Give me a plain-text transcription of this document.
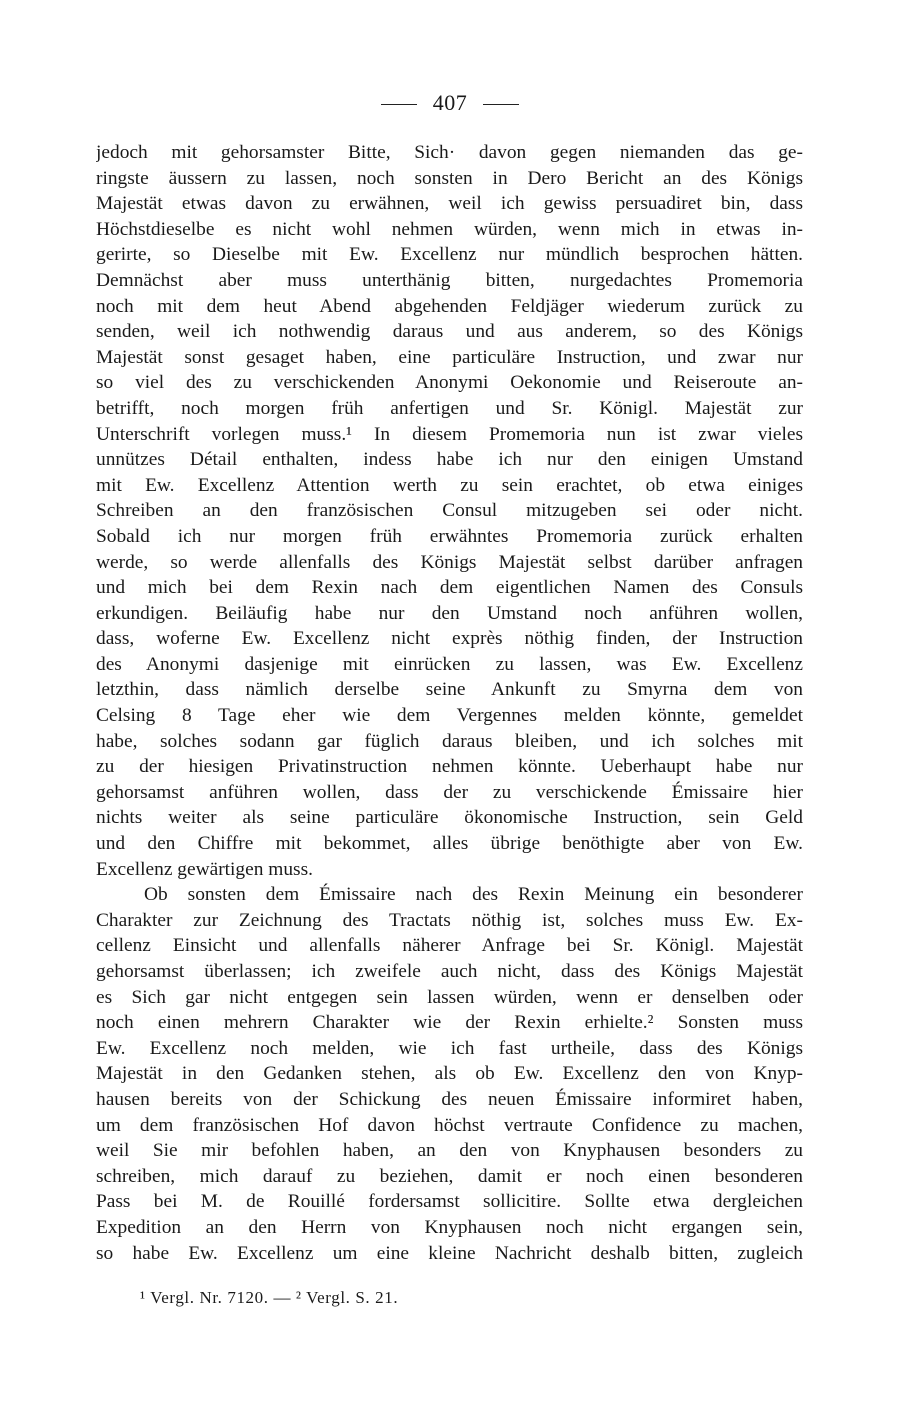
407
jedoch mit gehorsamster Bitte, Sich· davon gegen niemanden das ge-
ringste äussern zu lassen, noch sonsten in Dero Bericht an des Königs
Majestät etwas davon zu erwähnen, weil ich gewiss persuadiret bin, dass
Höchstdieselbe es nicht wohl nehmen würden, wenn mich in etwas in-
gerirte, so Dieselbe mit Ew. Excellenz nur mündlich besprochen hätten.
Demnächst aber muss unterthänig bitten, nurgedachtes Promemoria
noch mit dem heut Abend abgehenden Feldjäger wiederum zurück zu
senden, weil ich nothwendig daraus und aus anderem, so des Königs
Majestät sonst gesaget haben, eine particuläre Instruction, und zwar nur
so viel des zu verschickenden Anonymi Oekonomie und Reiseroute an-
betrifft, noch morgen früh anfertigen und Sr. Königl. Majestät zur
Unterschrift vorlegen muss.¹ In diesem Promemoria nun ist zwar vieles
unnützes Détail enthalten, indess habe ich nur den einigen Umstand
mit Ew. Excellenz Attention werth zu sein erachtet, ob etwa einiges
Schreiben an den französischen Consul mitzugeben sei oder nicht.
Sobald ich nur morgen früh erwähntes Promemoria zurück erhalten
werde, so werde allenfalls des Königs Majestät selbst darüber anfragen
und mich bei dem Rexin nach dem eigentlichen Namen des Consuls
erkundigen. Beiläufig habe nur den Umstand noch anführen wollen,
dass, woferne Ew. Excellenz nicht exprès nöthig finden, der Instruction
des Anonymi dasjenige mit einrücken zu lassen, was Ew. Excellenz
letzthin, dass nämlich derselbe seine Ankunft zu Smyrna dem von
Celsing 8 Tage eher wie dem Vergennes melden könnte, gemeldet
habe, solches sodann gar füglich daraus bleiben, und ich solches mit
zu der hiesigen Privatinstruction nehmen könnte. Ueberhaupt habe nur
gehorsamst anführen wollen, dass der zu verschickende Émissaire hier
nichts weiter als seine particuläre ökonomische Instruction, sein Geld
und den Chiffre mit bekommet, alles übrige benöthigte aber von Ew.
Excellenz gewärtigen muss.
Ob sonsten dem Émissaire nach des Rexin Meinung ein besonderer
Charakter zur Zeichnung des Tractats nöthig ist, solches muss Ew. Ex-
cellenz Einsicht und allenfalls näherer Anfrage bei Sr. Königl. Majestät
gehorsamst überlassen; ich zweifele auch nicht, dass des Königs Majestät
es Sich gar nicht entgegen sein lassen würden, wenn er denselben oder
noch einen mehrern Charakter wie der Rexin erhielte.² Sonsten muss
Ew. Excellenz noch melden, wie ich fast urtheile, dass des Königs
Majestät in den Gedanken stehen, als ob Ew. Excellenz den von Knyp-
hausen bereits von der Schickung des neuen Émissaire informiret haben,
um dem französischen Hof davon höchst vertraute Confidence zu machen,
weil Sie mir befohlen haben, an den von Knyphausen besonders zu
schreiben, mich darauf zu beziehen, damit er noch einen besonderen
Pass bei M. de Rouillé fordersamst sollicitire. Sollte etwa dergleichen
Expedition an den Herrn von Knyphausen noch nicht ergangen sein,
so habe Ew. Excellenz um eine kleine Nachricht deshalb bitten, zugleich
¹ Vergl. Nr. 7120. — ² Vergl. S. 21.
